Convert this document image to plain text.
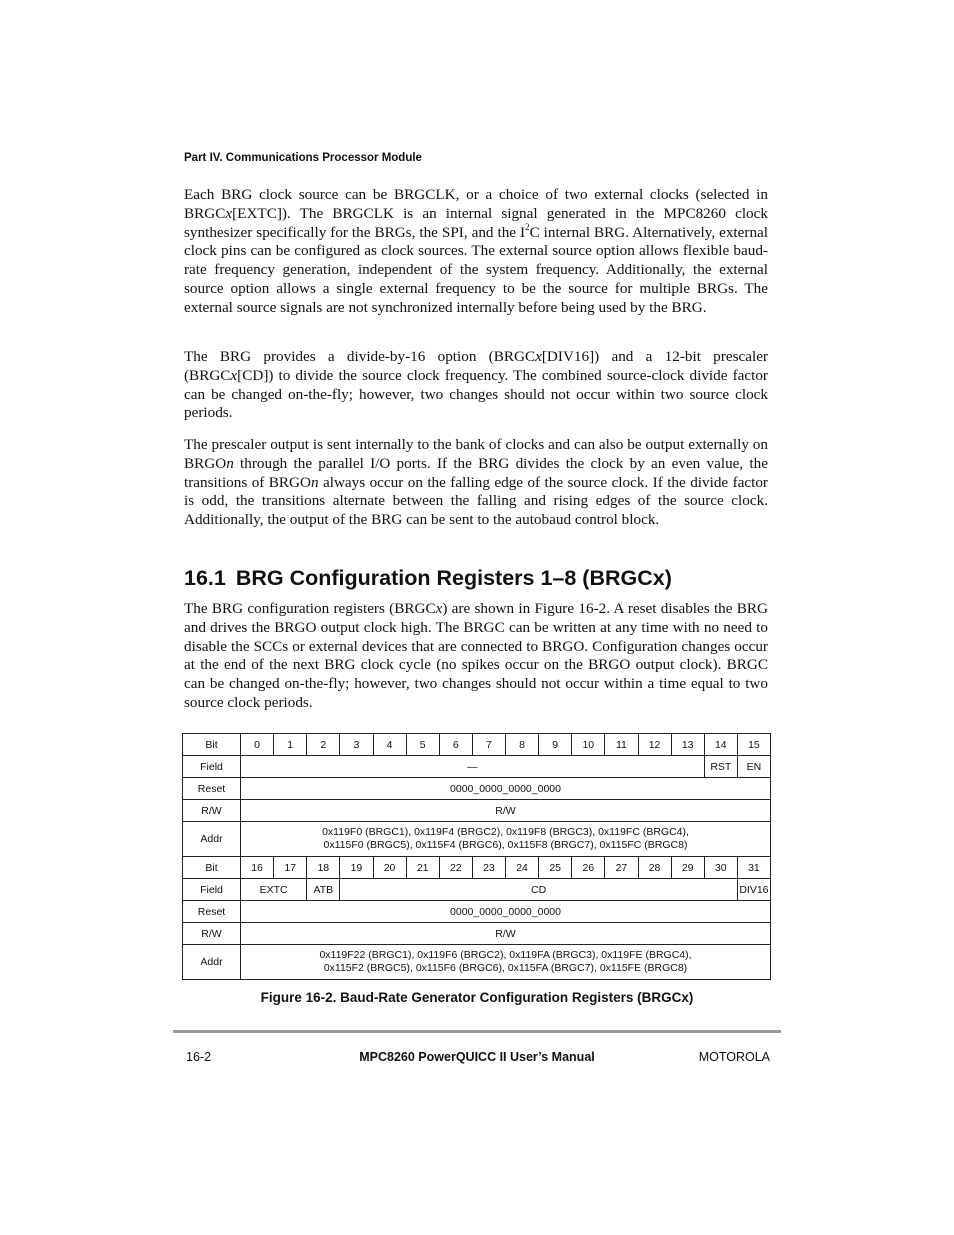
Part IV. Communications Processor Module

Each BRG clock source can be BRGCLK, or a choice of two external clocks (selected in BRGCx[EXTC]). The BRGCLK is an internal signal generated in the MPC8260 clock synthesizer specifically for the BRGs, the SPI, and the $I^2C$ internal BRG. Alternatively, external clock pins can be configured as clock sources. The external source option allows flexible baud-rate frequency generation, independent of the system frequency. Additionally, the external source option allows a single external frequency to be the source for multiple BRGs. The external source signals are not synchronized internally before being used by the BRG.

The BRG provides a divide-by-16 option (BRGCx[DIV16]) and a 12-bit prescaler (BRGCx[CD]) to divide the source clock frequency. The combined source-clock divide factor can be changed on-the-fly; however, two changes should not occur within two source clock periods.

The prescaler output is sent internally to the bank of clocks and can also be output externally on BRGOn through the parallel I/O ports. If the BRG divides the clock by an even value, the transitions of BRGOn always occur on the falling edge of the source clock. If the divide factor is odd, the transitions alternate between the falling and rising edges of the source clock. Additionally, the output of the BRG can be sent to the autobaud control block.

16.1 BRG Configuration Registers 1–8 (BRGCx)

The BRG configuration registers (BRGCx) are shown in Figure 16-2. A reset disables the BRG and drives the BRGO output clock high. The BRGC can be written at any time with no need to disable the SCCs or external devices that are connected to BRGO. Configuration changes occur at the end of the next BRG clock cycle (no spikes occur on the BRGO output clock). BRGC can be changed on-the-fly; however, two changes should not occur within a time equal to two source clock periods.

Bit	0	1	2	3	4	5	6	7	8	9	10	11	12	13	14	15
Field	—														RST	EN
Reset	0000_0000_0000_0000															
R/W	R/W															
Addr	0x119F0 (BRGC1), 0x119F4 (BRGC2), 0x119F8 (BRGC3), 0x119FC (BRGC4),
0x115F0 (BRGC5), 0x115F4 (BRGC6), 0x115F8 (BRGC7), 0x115FC (BRGC8)															
Bit	16	17	18	19	20	21	22	23	24	25	26	27	28	29	30	31
Field	EXTC		ATB	CD												DIV16
Reset	0000_0000_0000_0000															
R/W	R/W															
Addr	0x119F22 (BRGC1), 0x119F6 (BRGC2), 0x119FA (BRGC3), 0x119FE (BRGC4),
0x115F2 (BRGC5), 0x115F6 (BRGC6), 0x115FA (BRGC7), 0x115FE (BRGC8)															
Figure 16-2. Baud-Rate Generator Configuration Registers (BRGCx)
16-2	MPC8260 PowerQUICC II User’s Manual	MOTOROLA
